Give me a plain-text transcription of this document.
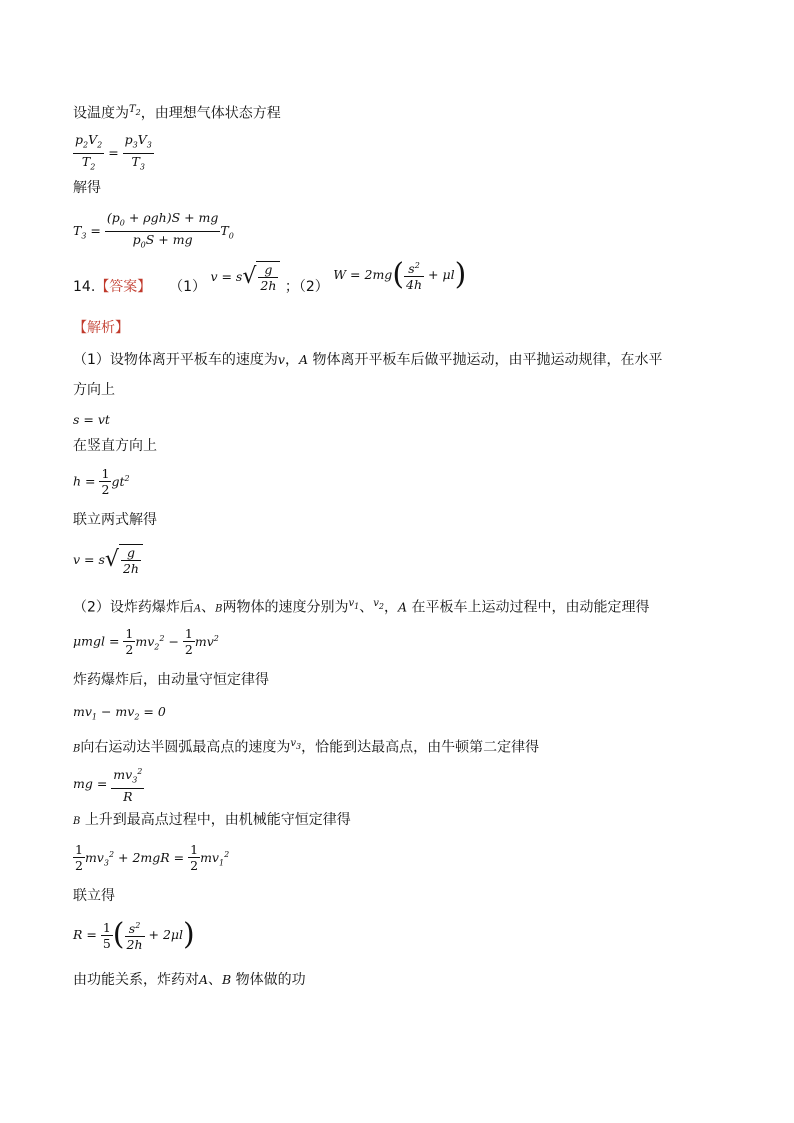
设温度为$^{T_2}$，由理想气体状态方程
$\frac{p_2V_2}{T_2} = \frac{p_3V_3}{T_3}$
解得
$T_3 = \frac{(p_0 + \rho gh)S + mg}{p_0S + mg} T_0$
14.【答案】 （1） $v = s√ \frac{g}{2h}$ ；（2） $W = 2mg( \frac{s^2}{4h} + \mu l)$
【解析】
（1）设物体离开平板车的速度为v，A 物体离开平板车后做平抛运动，由平抛运动规律，在水平
方向上
s = vt
在竖直方向上
$h = \frac{1}{2} gt^2$
联立两式解得
$v = s√ \frac{g}{2h}$
（2）设炸药爆炸后A、B两物体的速度分别为$^{v_1}$、$^{v_2}$，A 在平板车上运动过程中，由动能定理得
$\mu mgl = \frac{1}{2} mv_2^2 - \frac{1}{2} mv^2$
炸药爆炸后，由动量守恒定律得
$mv_1 - mv_2 = 0$
B向右运动达半圆弧最高点的速度为$^{v_3}$，恰能到达最高点，由牛顿第二定律得
mg = $\frac{mv_3^2}{R}$
B 上升到最高点过程中，由机械能守恒定律得
$\frac{1}{2} mv_3^2 + 2mgR = \frac{1}{2} mv_1^2$
联立得
$R = \frac{1}{5}$ ( $\frac{s^2}{2h} + 2\mu l$)
由功能关系，炸药对A、B 物体做的功
